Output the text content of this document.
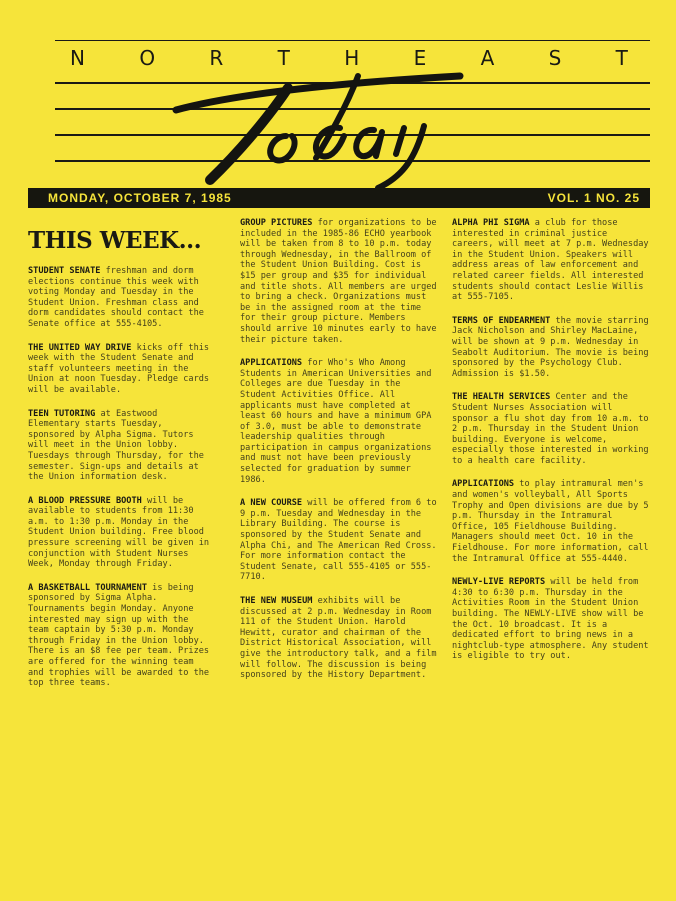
N	O	R	T	H	E	A	S	T
MONDAY, OCTOBER 7, 1985	VOL. 1 NO. 25
THIS WEEK...

STUDENT SENATE freshman and dorm elections continue this week with voting Monday and Tuesday in the Student Union. Freshman class and dorm candidates should contact the Senate office at 555-4105.

THE UNITED WAY DRIVE kicks off this week with the Student Senate and staff volunteers meeting in the Union at noon Tuesday. Pledge cards will be available.

TEEN TUTORING at Eastwood Elementary starts Tuesday, sponsored by Alpha Sigma. Tutors will meet in the Union lobby. Tuesdays through Thursday, for the semester. Sign-ups and details at the Union information desk.

A BLOOD PRESSURE BOOTH will be available to students from 11:30 a.m. to 1:30 p.m. Monday in the Student Union building. Free blood pressure screening will be given in conjunction with Student Nurses Week, Monday through Friday.

A BASKETBALL TOURNAMENT is being sponsored by Sigma Alpha. Tournaments begin Monday. Anyone interested may sign up with the team captain by 5:30 p.m. Monday through Friday in the Union lobby. There is an $8 fee per team. Prizes are offered for the winning team and trophies will be awarded to the top three teams.

GROUP PICTURES for organizations to be included in the 1985-86 ECHO yearbook will be taken from 8 to 10 p.m. today through Wednesday, in the Ballroom of the Student Union Building. Cost is $15 per group and $35 for individual and title shots. All members are urged to bring a check. Organizations must be in the assigned room at the time for their group picture. Members should arrive 10 minutes early to have their picture taken.

APPLICATIONS for Who's Who Among Students in American Universities and Colleges are due Tuesday in the Student Activities Office. All applicants must have completed at least 60 hours and have a minimum GPA of 3.0, must be able to demonstrate leadership qualities through participation in campus organizations and must not have been previously selected for graduation by summer 1986.

A NEW COURSE will be offered from 6 to 9 p.m. Tuesday and Wednesday in the Library Building. The course is sponsored by the Student Senate and Alpha Chi, and The American Red Cross. For more information contact the Student Senate, call 555-4105 or 555-7710.

THE NEW MUSEUM exhibits will be discussed at 2 p.m. Wednesday in Room 111 of the Student Union. Harold Hewitt, curator and chairman of the District Historical Association, will give the introductory talk, and a film will follow. The discussion is being sponsored by the History Department.

ALPHA PHI SIGMA a club for those interested in criminal justice careers, will meet at 7 p.m. Wednesday in the Student Union. Speakers will address areas of law enforcement and related career fields. All interested students should contact Leslie Willis at 555-7105.

TERMS OF ENDEARMENT the movie starring Jack Nicholson and Shirley MacLaine, will be shown at 9 p.m. Wednesday in Seabolt Auditorium. The movie is being sponsored by the Psychology Club. Admission is $1.50.

THE HEALTH SERVICES Center and the Student Nurses Association will sponsor a flu shot day from 10 a.m. to 2 p.m. Thursday in the Student Union building. Everyone is welcome, especially those interested in working to a health care facility.

APPLICATIONS to play intramural men's and women's volleyball, All Sports Trophy and Open divisions are due by 5 p.m. Thursday in the Intramural Office, 105 Fieldhouse Building. Managers should meet Oct. 10 in the Fieldhouse. For more information, call the Intramural Office at 555-4440.

NEWLY-LIVE REPORTS will be held from 4:30 to 6:30 p.m. Thursday in the Activities Room in the Student Union building. The NEWLY-LIVE show will be the Oct. 10 broadcast. It is a dedicated effort to bring news in a nightclub-type atmosphere. Any student is eligible to try out.
